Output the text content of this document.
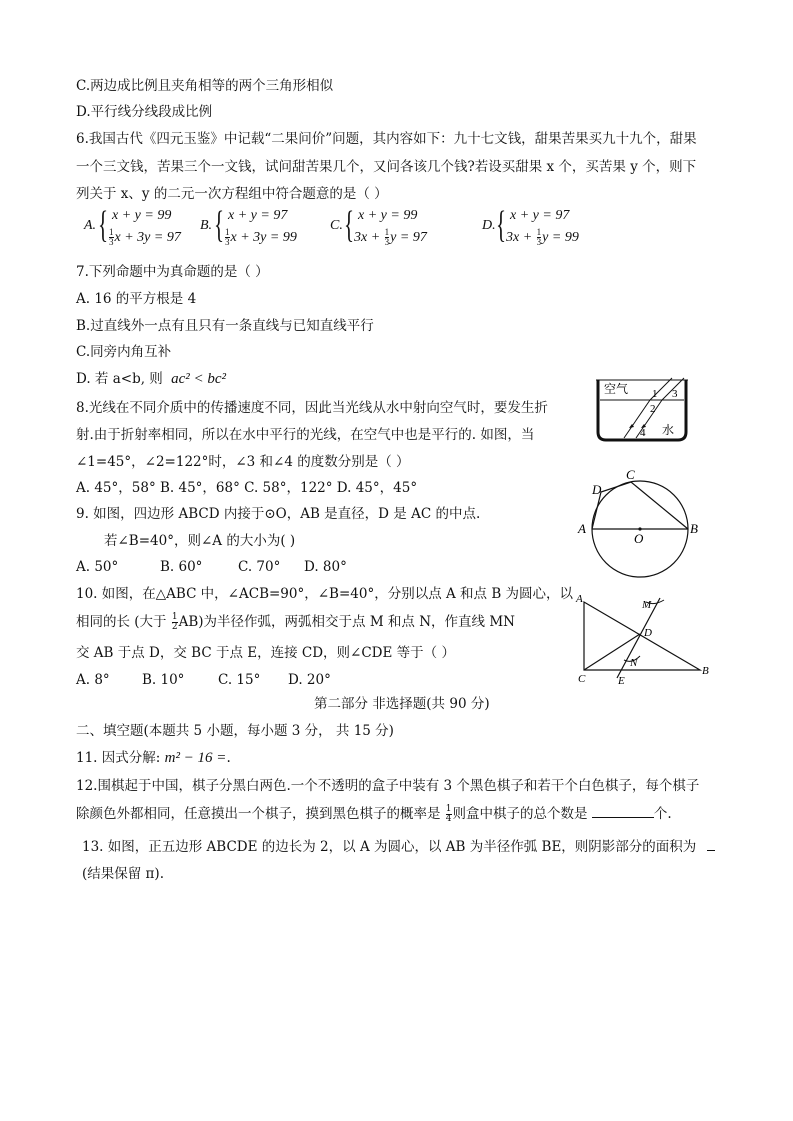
C.两边成比例且夹角相等的两个三角形相似
D.平行线分线段成比例
6.我国古代《四元玉鉴》中记载“二果问价”问题，其内容如下：九十七文钱，甜果苦果买九十九个，甜果
一个三文钱，苦果三个一文钱，试问甜苦果几个，又问各该几个钱?若设买甜果 x 个，买苦果 y 个，则下
列关于 x、y 的二元一次方程组中符合题意的是（ ）
A. { x + y = 99
$\frac{1}{3}$ x + 3y = 97
B. { x + y = 97
$\frac{1}{3}$ x + 3y = 99
C. { x + y = 99
$3x + \frac{1}{3}$ y = 97
D. { x + y = 97
$3x + \frac{1}{3}$ y = 99
7.下列命题中为真命题的是（ ）
A. 16 的平方根是 4
B.过直线外一点有且只有一条直线与已知直线平行
C.同旁内角互补
D. 若 a<b, 则 ac² < bc²
8.光线在不同介质中的传播速度不同，因此当光线从水中射向空气时，要发生折
射.由于折射率相同，所以在水中平行的光线，在空气中也是平行的. 如图，当
∠1=45°，∠2=122°时，∠3 和∠4 的度数分别是（ ）
A. 45°，58° B. 45°，68° C. 58°，122° D. 45°，45°
空气
水
1
2
3
4
9. 如图，四边形 ABCD 内接于⊙O，AB 是直径，D 是 AC 的中点.
若∠B=40°，则∠A 的大小为( )
A. 50°	B. 60°	C. 70° D. 80°
A	B
C
D
O
10. 如图，在△ABC 中，∠ACB=90°，∠B=40°，分别以点 A 和点 B 为圆心，以
相同的长 (大于 $\frac{1}{2} AB$)为半径作弧，两弧相交于点 M 和点 N，作直线 MN
交 AB 于点 D，交 BC 于点 E，连接 CD，则∠CDE 等于（ ）
A. 8° B. 10° C. 15° D. 20°
A
B
C
D
E
M
N
第二部分 非选择题(共 90 分)
二、填空题(本题共 5 小题，每小题 3 分， 共 15 分)
11. 因式分解: m² − 16 =.
12.围棋起于中国，棋子分黑白两色.一个不透明的盒子中装有 3 个黑色棋子和若干个白色棋子，每个棋子
除颜色外都相同，任意摸出一个棋子，摸到黑色棋子的概率是 $\frac{1}{4}$ 则盒中棋子的总个数是	个.
13. 如图，正五边形 ABCDE 的边长为 2，以 A 为圆心，以 AB 为半径作弧 BE，则阴影部分的面积为
(结果保留 π).
